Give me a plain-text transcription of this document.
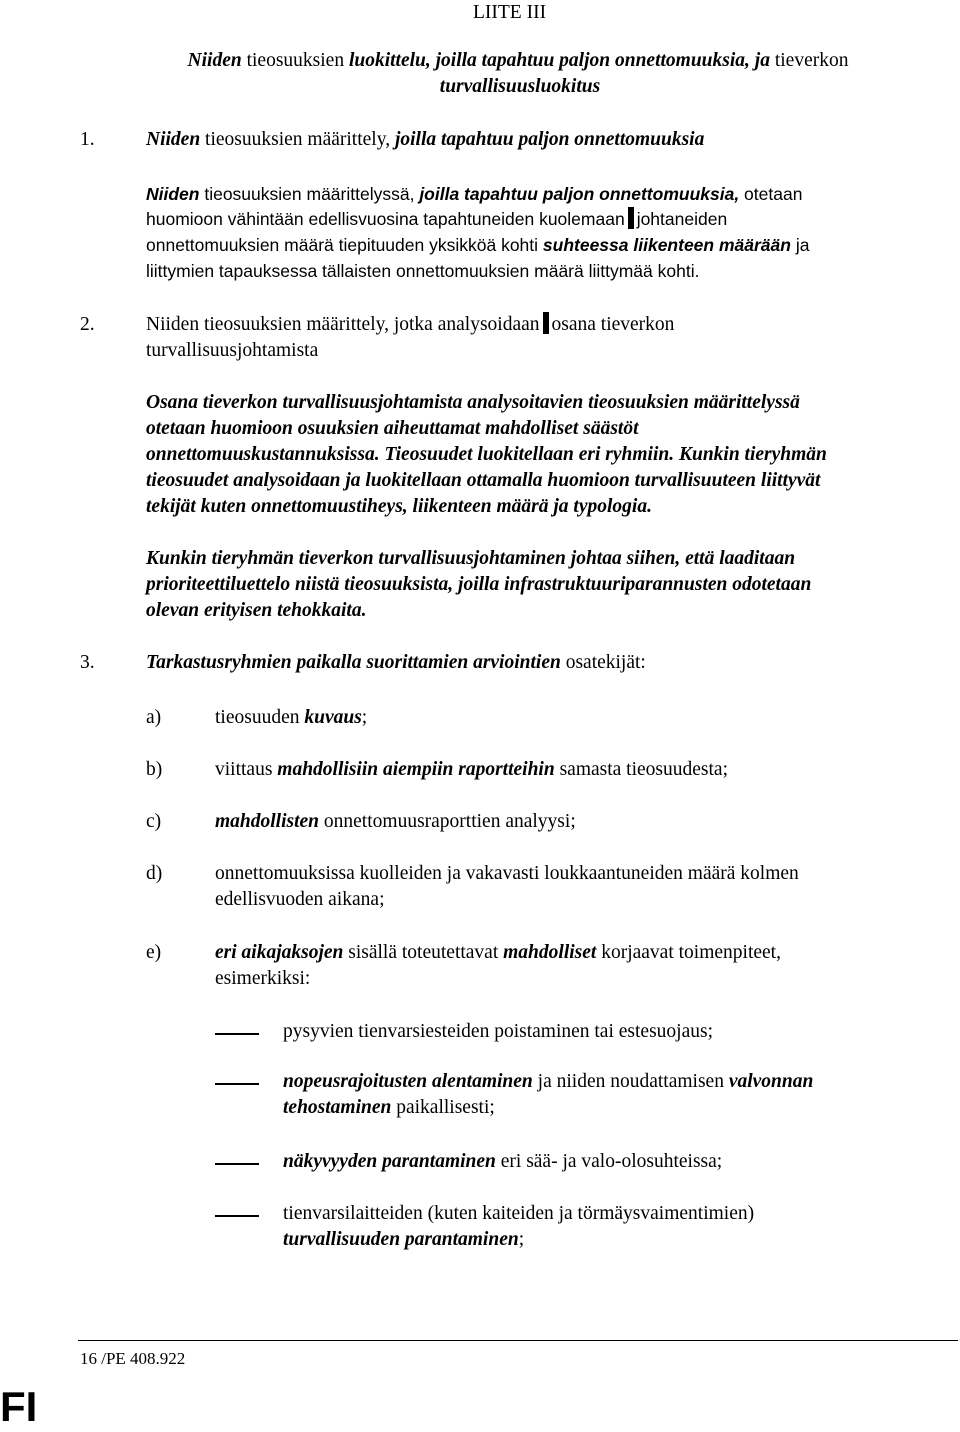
LIITE III
Niiden tieosuuksien luokittelu, joilla tapahtuu paljon onnettomuuksia, ja tieverkon
turvallisuusluokitus
1.	Niiden tieosuuksien määrittely, joilla tapahtuu paljon onnettomuuksia
Niiden tieosuuksien määrittelyssä, joilla tapahtuu paljon onnettomuuksia, otetaan
huomioon vähintään edellisvuosina tapahtuneiden kuolemaan johtaneiden
onnettomuuksien määrä tiepituuden yksikköä kohti suhteessa liikenteen määrään ja
liittymien tapauksessa tällaisten onnettomuuksien määrä liittymää kohti.
2.	Niiden tieosuuksien määrittely, jotka analysoidaan osana tieverkon
turvallisuusjohtamista
Osana tieverkon turvallisuusjohtamista analysoitavien tieosuuksien määrittelyssä
otetaan huomioon osuuksien aiheuttamat mahdolliset säästöt
onnettomuuskustannuksissa. Tieosuudet luokitellaan eri ryhmiin. Kunkin tieryhmän
tieosuudet analysoidaan ja luokitellaan ottamalla huomioon turvallisuuteen liittyvät
tekijät kuten onnettomuustiheys, liikenteen määrä ja typologia.
Kunkin tieryhmän tieverkon turvallisuusjohtaminen johtaa siihen, että laaditaan
prioriteettiluettelo niistä tieosuuksista, joilla infrastruktuuriparannusten odotetaan
olevan erityisen tehokkaita.
3.	Tarkastusryhmien paikalla suorittamien arviointien osatekijät:
a)	tieosuuden kuvaus;
b)	viittaus mahdollisiin aiempiin raportteihin samasta tieosuudesta;
c)	mahdollisten onnettomuusraporttien analyysi;
d)	onnettomuuksissa kuolleiden ja vakavasti loukkaantuneiden määrä kolmen
edellisvuoden aikana;
e)	eri aikajaksojen sisällä toteutettavat mahdolliset korjaavat toimenpiteet,
esimerkiksi:
pysyvien tienvarsiesteiden poistaminen tai estesuojaus;
nopeusrajoitusten alentaminen ja niiden noudattamisen valvonnan
tehostaminen paikallisesti;
näkyvyyden parantaminen eri sää- ja valo-olosuhteissa;
tienvarsilaitteiden (kuten kaiteiden ja törmäysvaimentimien)
turvallisuuden parantaminen;
16 /PE 408.922
FI
